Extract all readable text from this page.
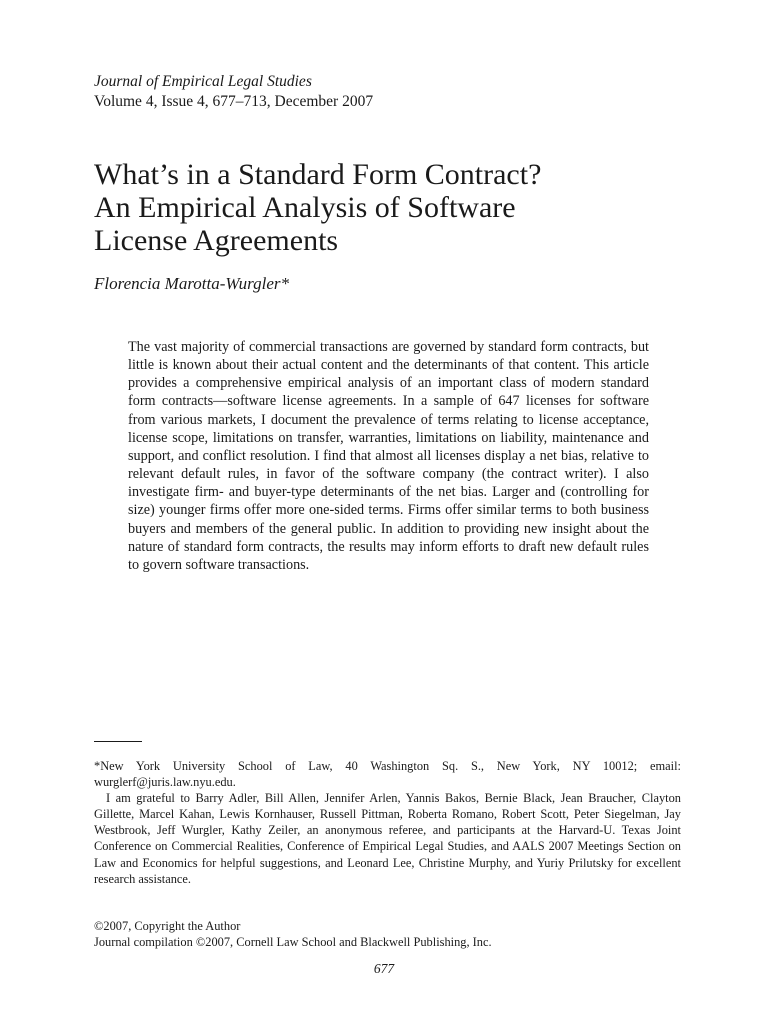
Journal of Empirical Legal Studies
Volume 4, Issue 4, 677–713, December 2007
What’s in a Standard Form Contract?
An Empirical Analysis of Software
License Agreements
Florencia Marotta-Wurgler*

The vast majority of commercial transactions are governed by standard form contracts, but little is known about their actual content and the determinants of that content. This article provides a comprehensive empirical analysis of an important class of modern standard form contracts—software license agreements. In a sample of 647 licenses for software from various markets, I document the prevalence of terms relating to license acceptance, license scope, limitations on transfer, warranties, limitations on liability, maintenance and support, and conflict resolution. I find that almost all licenses display a net bias, relative to relevant default rules, in favor of the software company (the contract writer). I also investigate firm- and buyer-type determinants of the net bias. Larger and (controlling for size) younger firms offer more one-sided terms. Firms offer similar terms to both business buyers and members of the general public. In addition to providing new insight about the nature of standard form contracts, the results may inform efforts to draft new default rules to govern software transactions.

*New York University School of Law, 40 Washington Sq. S., New York, NY 10012; email: wurglerf@juris.law.nyu.edu.

I am grateful to Barry Adler, Bill Allen, Jennifer Arlen, Yannis Bakos, Bernie Black, Jean Braucher, Clayton Gillette, Marcel Kahan, Lewis Kornhauser, Russell Pittman, Roberta Romano, Robert Scott, Peter Siegelman, Jay Westbrook, Jeff Wurgler, Kathy Zeiler, an anonymous referee, and participants at the Harvard-U. Texas Joint Conference on Commercial Realities, Conference of Empirical Legal Studies, and AALS 2007 Meetings Section on Law and Economics for helpful suggestions, and Leonard Lee, Christine Murphy, and Yuriy Prilutsky for excellent research assistance.

©2007, Copyright the Author
Journal compilation ©2007, Cornell Law School and Blackwell Publishing, Inc.
677
